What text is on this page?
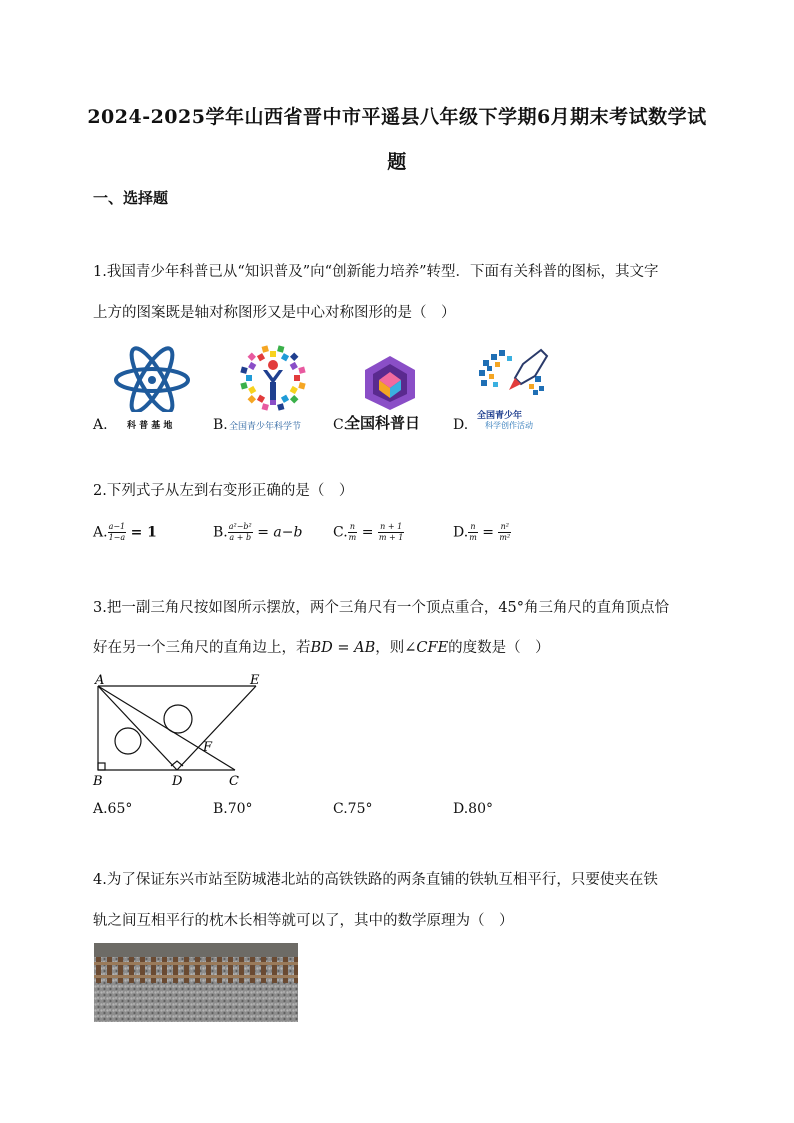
2024-2025学年山西省晋中市平遥县八年级下学期6月期末考试数学试
题
一、选择题
1.我国青少年科普已从“知识普及”向“创新能力培养”转型．下面有关科普的图标，其文字
上方的图案既是轴对称图形又是中心对称图形的是（　）
A. 科 普 基 地	B. 全国青少年科学节 C.
全国科普日 D.
全国青少年
科学创作活动
2.下列式子从左到右变形正确的是（　）
A. $\frac{a-1}{1-a} = 1$	B. $\frac{\text{a²−b²}}{a + b} = a-b$ C. $\frac{n}{m} = \frac{n + 1}{m + 1}$	D. $\frac{n}{m} = \frac{\text{n²}}{\text{m²}}$
3.把一副三角尺按如图所示摆放，两个三角尺有一个顶点重合，45°角三角尺的直角顶点恰
好在另一个三角尺的直角边上，若BD = AB，则∠CFE的度数是（　）
A	E
B	D	C
F
A.65°	B.70°	C.75°	D.80°
4.为了保证东兴市站至防城港北站的高铁铁路的两条直铺的铁轨互相平行，只要使夹在铁
轨之间互相平行的枕木长相等就可以了，其中的数学原理为（　）
